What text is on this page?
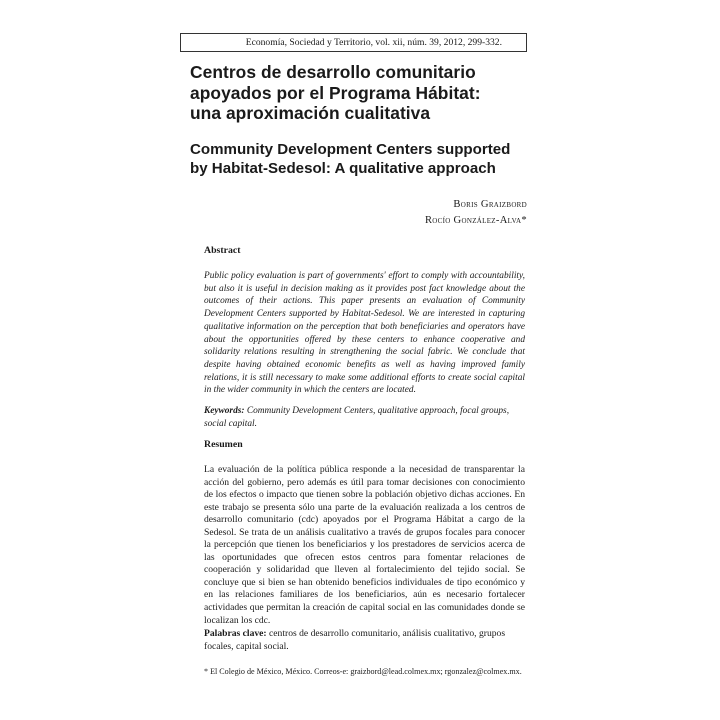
Economía, Sociedad y Territorio, vol. xii, núm. 39, 2012, 299-332.
Centros de desarrollo comunitario
apoyados por el Programa Hábitat:
una aproximación cualitativa
Community Development Centers supported
by Habitat-Sedesol: A qualitative approach
Boris Graizbord
Rocío González-Alva*
Abstract
Public policy evaluation is part of governments' effort to comply with accountability, but also it is useful in decision making as it provides post fact knowledge about the outcomes of their actions. This paper presents an evaluation of Community Development Centers supported by Habitat-Sedesol. We are interested in capturing qualitative information on the perception that both beneficiaries and operators have about the opportunities offered by these centers to enhance cooperative and solidarity relations resulting in strengthening the social fabric. We conclude that despite having obtained economic benefits as well as having improved family relations, it is still necessary to make some additional efforts to create social capital in the wider community in which the centers are located.
Keywords: Community Development Centers, qualitative approach, focal groups, social capital.
Resumen
La evaluación de la política pública responde a la necesidad de transparentar la acción del gobierno, pero además es útil para tomar decisiones con conocimiento de los efectos o impacto que tienen sobre la población objetivo dichas acciones. En este trabajo se presenta sólo una parte de la evaluación realizada a los centros de desarrollo comunitario (cdc) apoyados por el Programa Hábitat a cargo de la Sedesol. Se trata de un análisis cualitativo a través de grupos focales para conocer la percepción que tienen los beneficiarios y los prestadores de servicios acerca de las oportunidades que ofrecen estos centros para fomentar relaciones de cooperación y solidaridad que lleven al fortalecimiento del tejido social. Se concluye que si bien se han obtenido beneficios individuales de tipo económico y en las relaciones familiares de los beneficiarios, aún es necesario fortalecer actividades que permitan la creación de capital social en las comunidades donde se localizan los cdc.
Palabras clave: centros de desarrollo comunitario, análisis cualitativo, grupos focales, capital social.
* El Colegio de México, México. Correos-e: graizbord@lead.colmex.mx; rgonzalez@colmex.mx.
